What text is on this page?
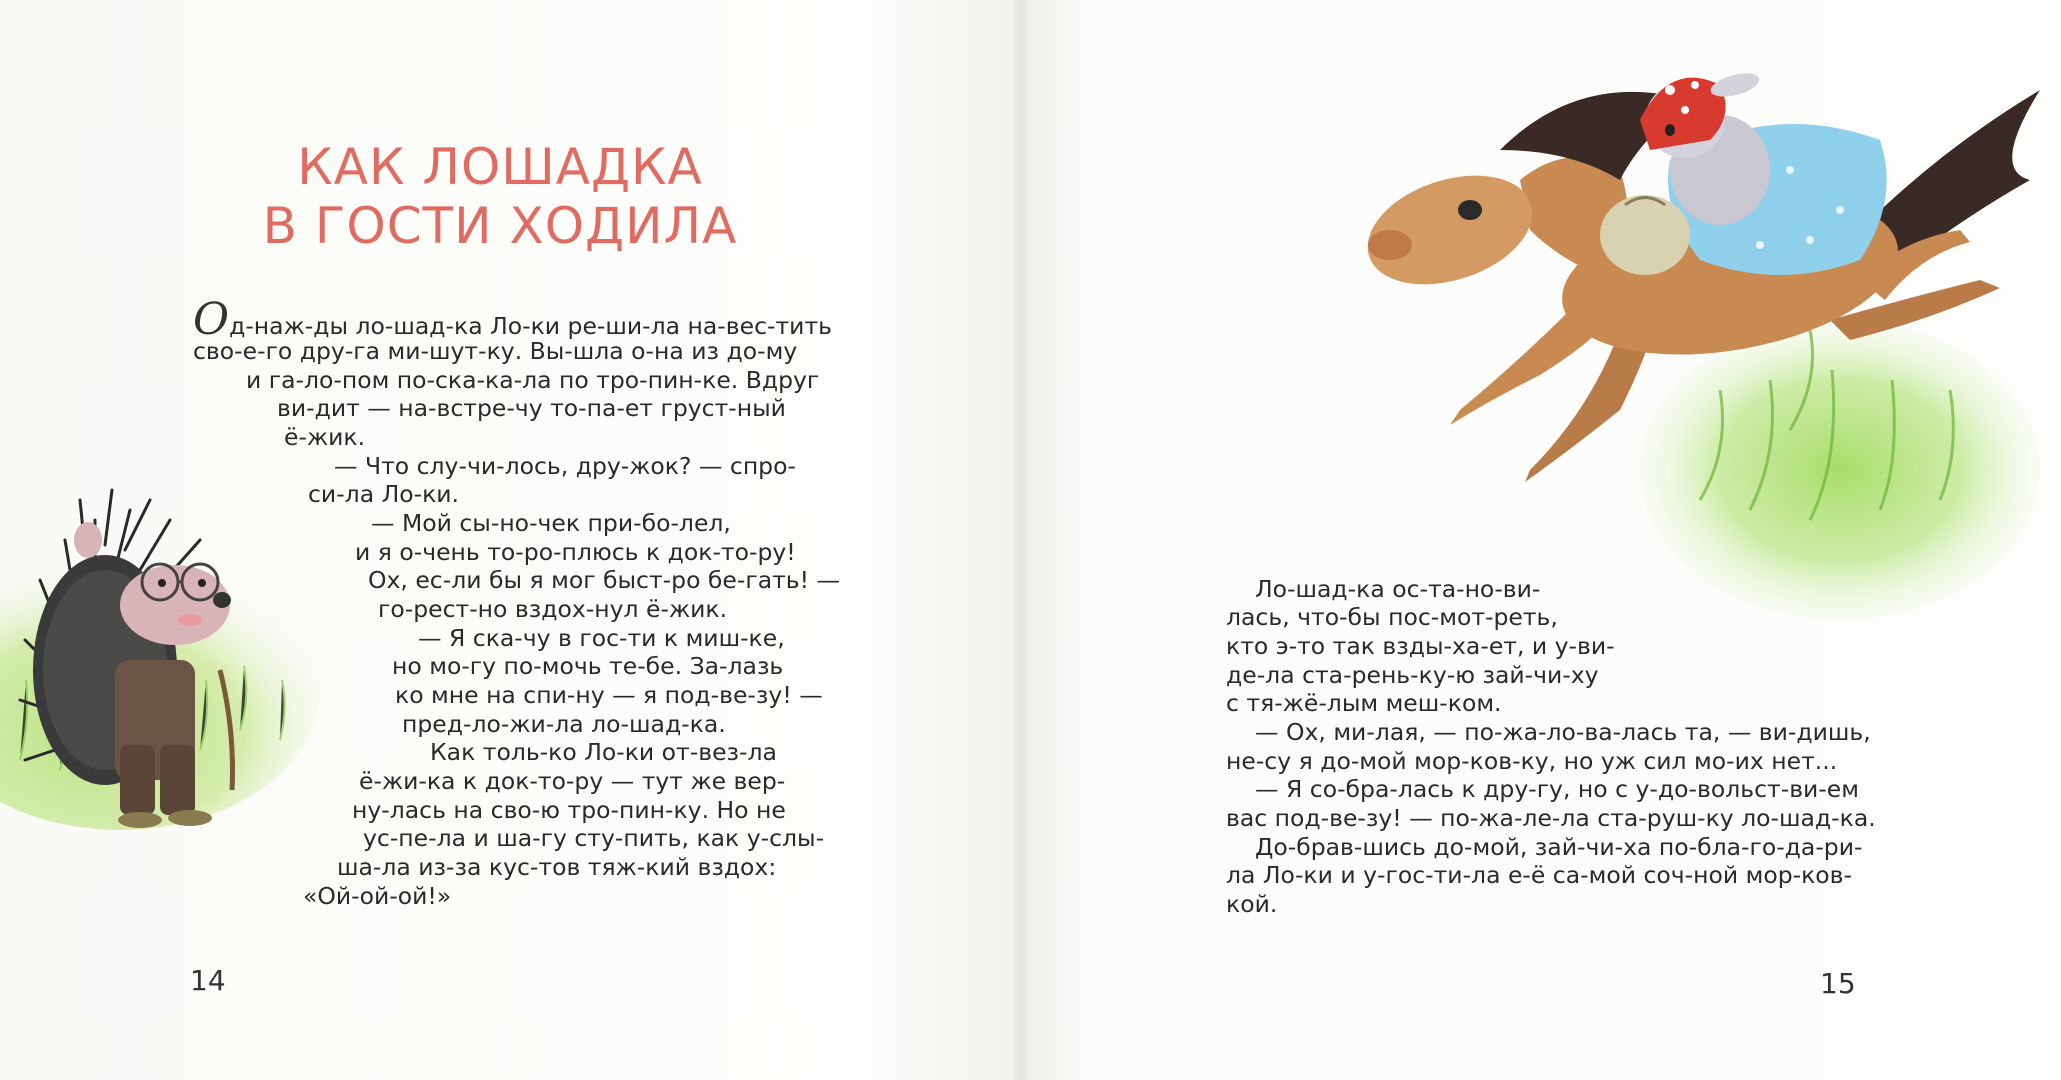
КАК ЛОШАДКА
В ГОСТИ ХОДИЛА
Од-наж-ды ло-шад-ка Ло-ки ре-ши-ла на-вес-тить
сво-е-го дру-га ми-шут-ку. Вы-шла о-на из до-му
и га-ло-пом по-ска-ка-ла по тро-пин-ке. Вдруг
ви-дит — на-встре-чу то-па-ет груст-ный
ё-жик.
— Что слу-чи-лось, дру-жок? — спро-
си-ла Ло-ки.
— Мой сы-но-чек при-бо-лел,
и я о-чень то-ро-плюсь к док-то-ру!
Ох, ес-ли бы я мог быст-ро бе-гать! —
го-рест-но вздох-нул ё-жик.
— Я ска-чу в гос-ти к миш-ке,
но мо-гу по-мочь те-бе. За-лазь
ко мне на спи-ну — я под-ве-зу! —
пред-ло-жи-ла ло-шад-ка.
Как толь-ко Ло-ки от-вез-ла
ё-жи-ка к док-то-ру — тут же вер-
ну-лась на сво-ю тро-пин-ку. Но не
ус-пе-ла и ша-гу сту-пить, как у-слы-
ша-ла из-за кус-тов тяж-кий вздох:
«Ой-ой-ой!»
14
Ло-шад-ка ос-та-но-ви-
лась, что-бы пос-мот-реть,
кто э-то так взды-ха-ет, и у-ви-
де-ла ста-рень-ку-ю зай-чи-ху
с тя-жё-лым меш-ком.
— Ох, ми-лая, — по-жа-ло-ва-лась та, — ви-дишь,
не-су я до-мой мор-ков-ку, но уж сил мо-их нет...
— Я со-бра-лась к дру-гу, но с у-до-вольст-ви-ем
вас под-ве-зу! — по-жа-ле-ла ста-руш-ку ло-шад-ка.
До-брав-шись до-мой, зай-чи-ха по-бла-го-да-ри-
ла Ло-ки и у-гос-ти-ла е-ё са-мой соч-ной мор-ков-
кой.
15
